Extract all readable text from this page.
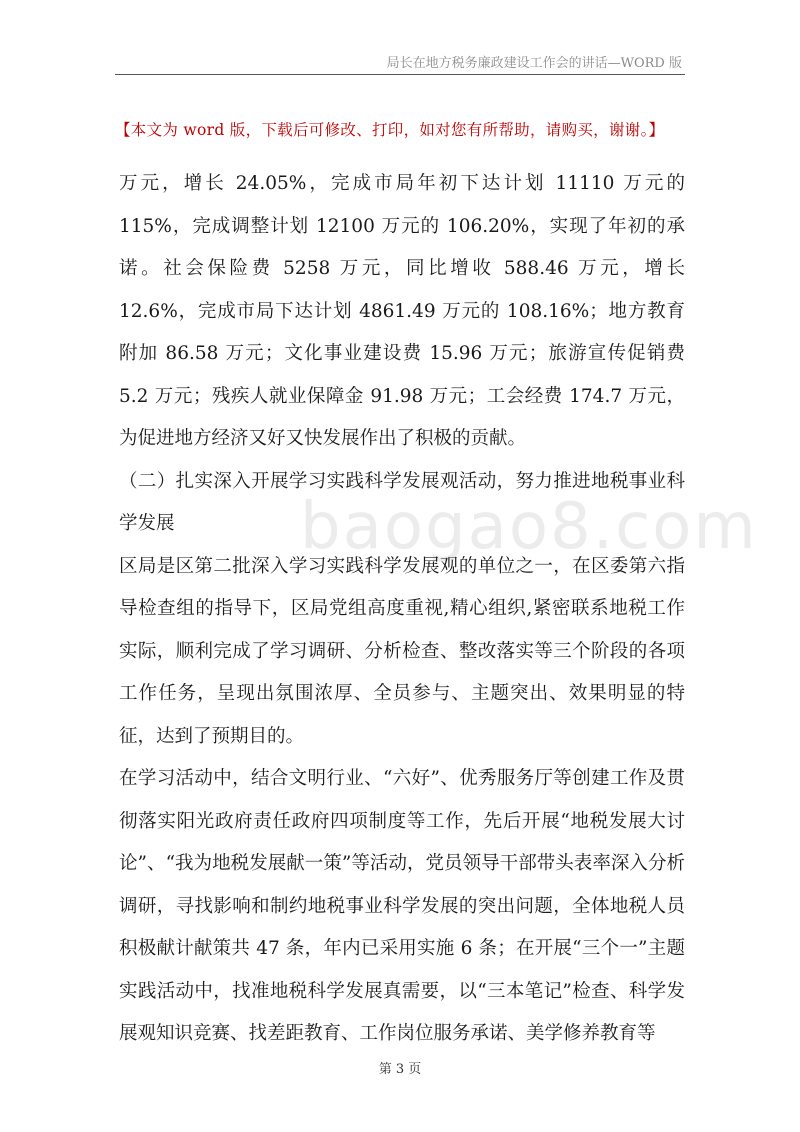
局长在地方税务廉政建设工作会的讲话—WORD 版
【本文为 word 版，下载后可修改、打印，如对您有所帮助，请购买，谢谢。】
baogao8.com

万元，增长 24.05%，完成市局年初下达计划 11110 万元的 115%，完成调整计划 12100 万元的 106.20%，实现了年初的承诺。社会保险费 5258 万元，同比增收 588.46 万元，增长 12.6%，完成市局下达计划 4861.49 万元的 108.16%；地方教育附加 86.58 万元；文化事业建设费 15.96 万元；旅游宣传促销费 5.2 万元；残疾人就业保障金 91.98 万元；工会经费 174.7 万元，为促进地方经济又好又快发展作出了积极的贡献。

（二）扎实深入开展学习实践科学发展观活动，努力推进地税事业科学发展

区局是区第二批深入学习实践科学发展观的单位之一，在区委第六指导检查组的指导下，区局党组高度重视,精心组织,紧密联系地税工作实际，顺利完成了学习调研、分析检查、整改落实等三个阶段的各项工作任务，呈现出氛围浓厚、全员参与、主题突出、效果明显的特征，达到了预期目的。

在学习活动中，结合文明行业、“六好”、优秀服务厅等创建工作及贯彻落实阳光政府责任政府四项制度等工作，先后开展“地税发展大讨论”、“我为地税发展献一策”等活动，党员领导干部带头表率深入分析调研，寻找影响和制约地税事业科学发展的突出问题，全体地税人员积极献计献策共 47 条，年内已采用实施 6 条；在开展“三个一”主题实践活动中，找准地税科学发展真需要，以“三本笔记”检查、科学发展观知识竞赛、找差距教育、工作岗位服务承诺、美学修养教育等

第 3 页
